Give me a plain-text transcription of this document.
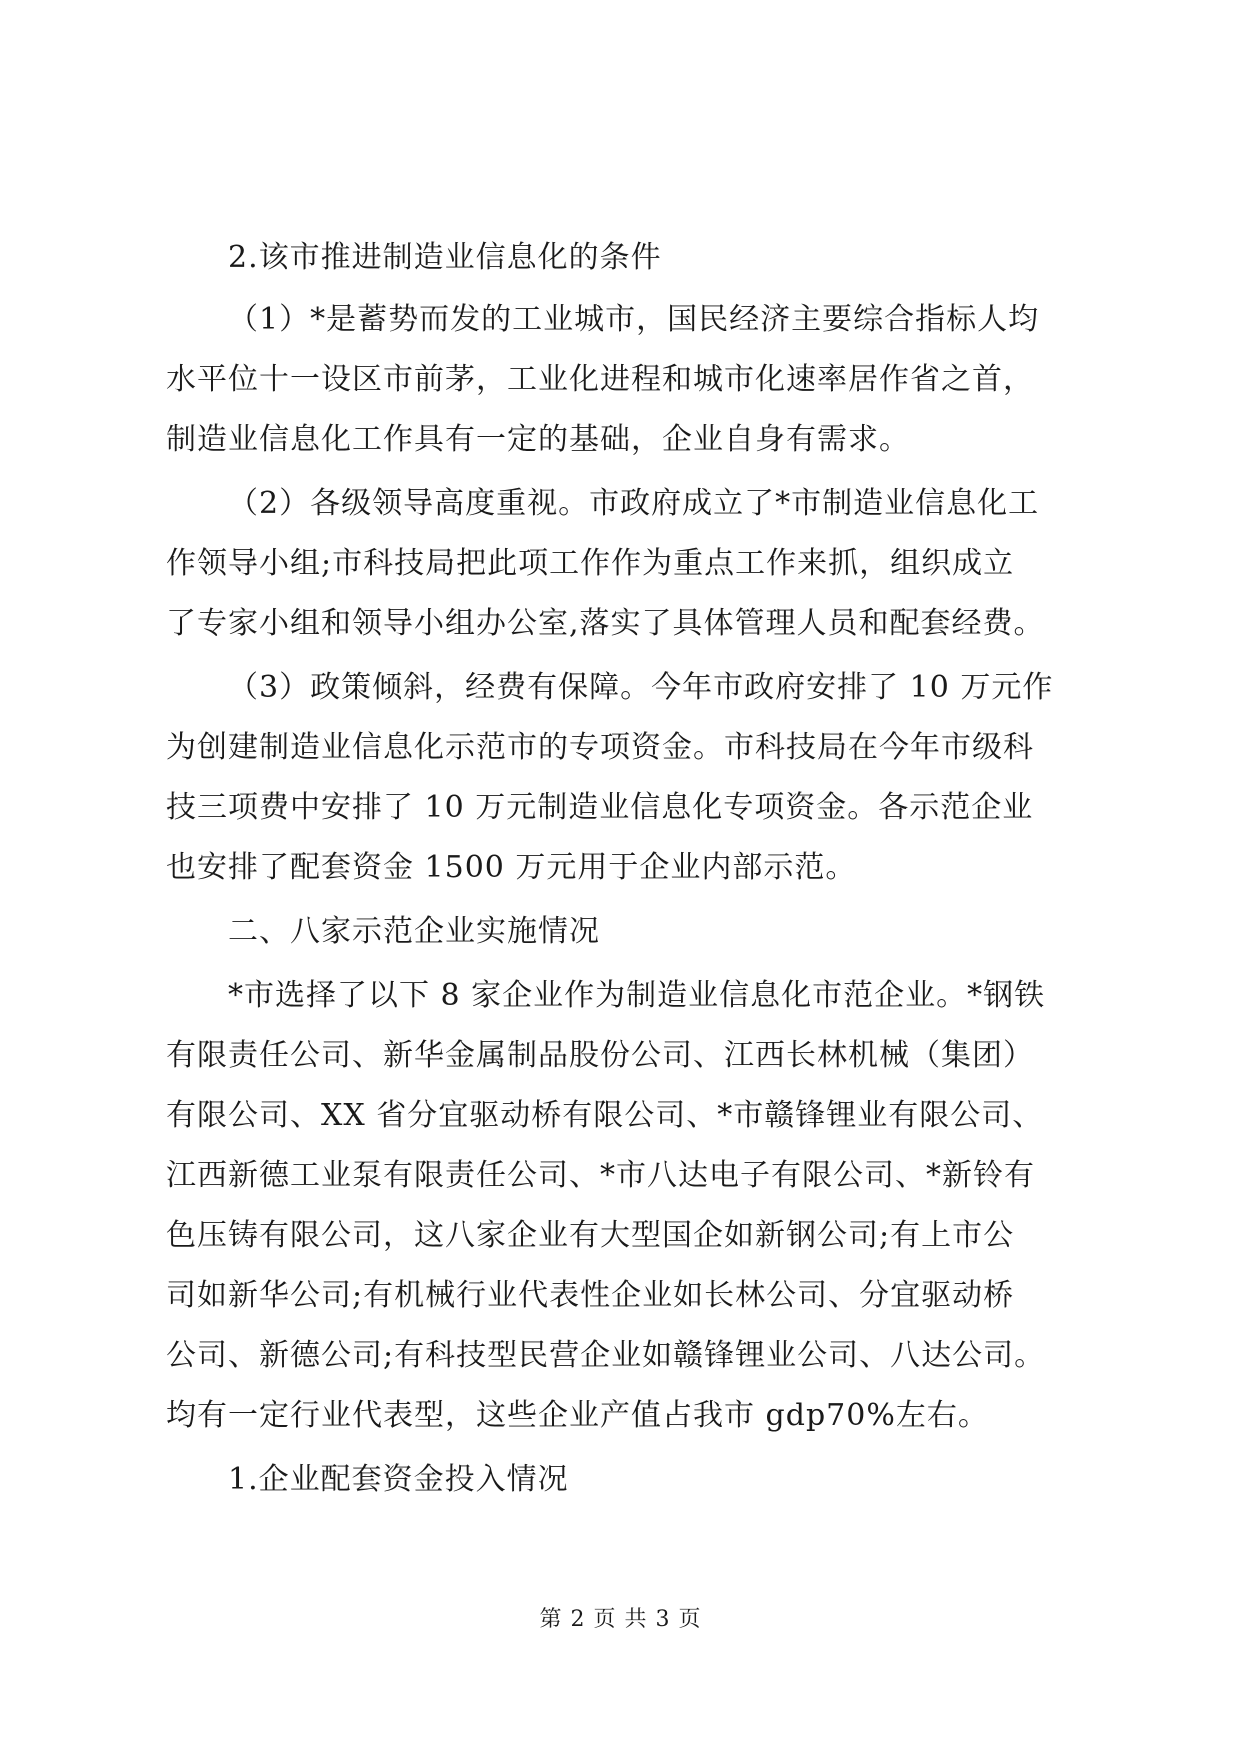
2.该市推进制造业信息化的条件
（1）*是蓄势而发的工业城市，国民经济主要综合指标人均
水平位十一设区市前茅，工业化进程和城市化速率居作省之首，
制造业信息化工作具有一定的基础，企业自身有需求。
（2）各级领导高度重视。市政府成立了*市制造业信息化工
作领导小组;市科技局把此项工作作为重点工作来抓，组织成立
了专家小组和领导小组办公室,落实了具体管理人员和配套经费。
（3）政策倾斜，经费有保障。今年市政府安排了 10 万元作
为创建制造业信息化示范市的专项资金。市科技局在今年市级科
技三项费中安排了 10 万元制造业信息化专项资金。各示范企业
也安排了配套资金 1500 万元用于企业内部示范。
二、八家示范企业实施情况
*市选择了以下 8 家企业作为制造业信息化市范企业。*钢铁
有限责任公司、新华金属制品股份公司、江西长林机械（集团）
有限公司、XX 省分宜驱动桥有限公司、*市赣锋锂业有限公司、
江西新德工业泵有限责任公司、*市八达电子有限公司、*新铃有
色压铸有限公司，这八家企业有大型国企如新钢公司;有上市公
司如新华公司;有机械行业代表性企业如长林公司、分宜驱动桥
公司、新德公司;有科技型民营企业如赣锋锂业公司、八达公司。
均有一定行业代表型，这些企业产值占我市 gdp70%左右。
1.企业配套资金投入情况
第 2 页 共 3 页
